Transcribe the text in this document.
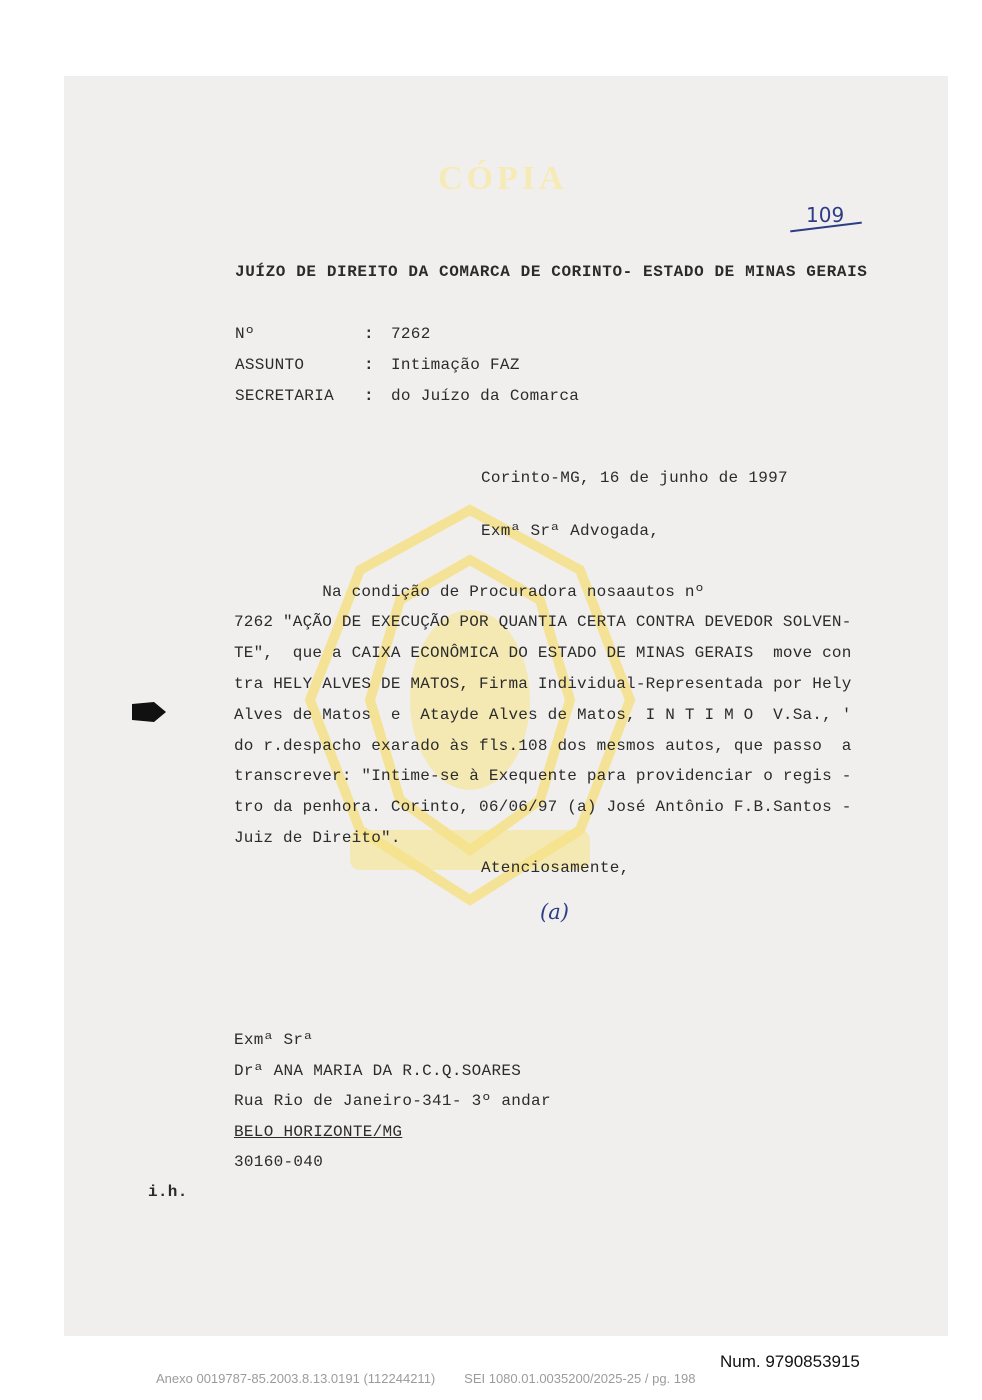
CÓPIA
109
JUÍZO DE DIREITO DA COMARCA DE CORINTO- ESTADO DE MINAS GERAIS
Nº	: 7262
ASSUNTO	: Intimação FAZ
SECRETARIA : do Juízo da Comarca
Corinto-MG, 16 de junho de 1997
Exmª Srª Advogada,
Na condição de Procuradora nosaautos nº
7262 "AÇÃO DE EXECUÇÃO POR QUANTIA CERTA CONTRA DEVEDOR SOLVEN-
TE",  que a CAIXA ECONÔMICA DO ESTADO DE MINAS GERAIS  move con
tra HELY ALVES DE MATOS, Firma Individual-Representada por Hely
Alves de Matos  e  Atayde Alves de Matos, I N T I M O  V.Sa., '
do r.despacho exarado às fls.108 dos mesmos autos, que passo  a
transcrever: "Intime-se à Exequente para providenciar o regis -
tro da penhora. Corinto, 06/06/97 (a) José Antônio F.B.Santos -
Juiz de Direito".
Atenciosamente,
(a)
Exmª Srª
Drª ANA MARIA DA R.C.Q.SOARES
Rua Rio de Janeiro-341- 3º andar
BELO HORIZONTE/MG
30160-040
i.h.
Num. 9790853915
Anexo 0019787-85.2003.8.13.0191 (112244211)        SEI 1080.01.0035200/2025-25 / pg. 198
